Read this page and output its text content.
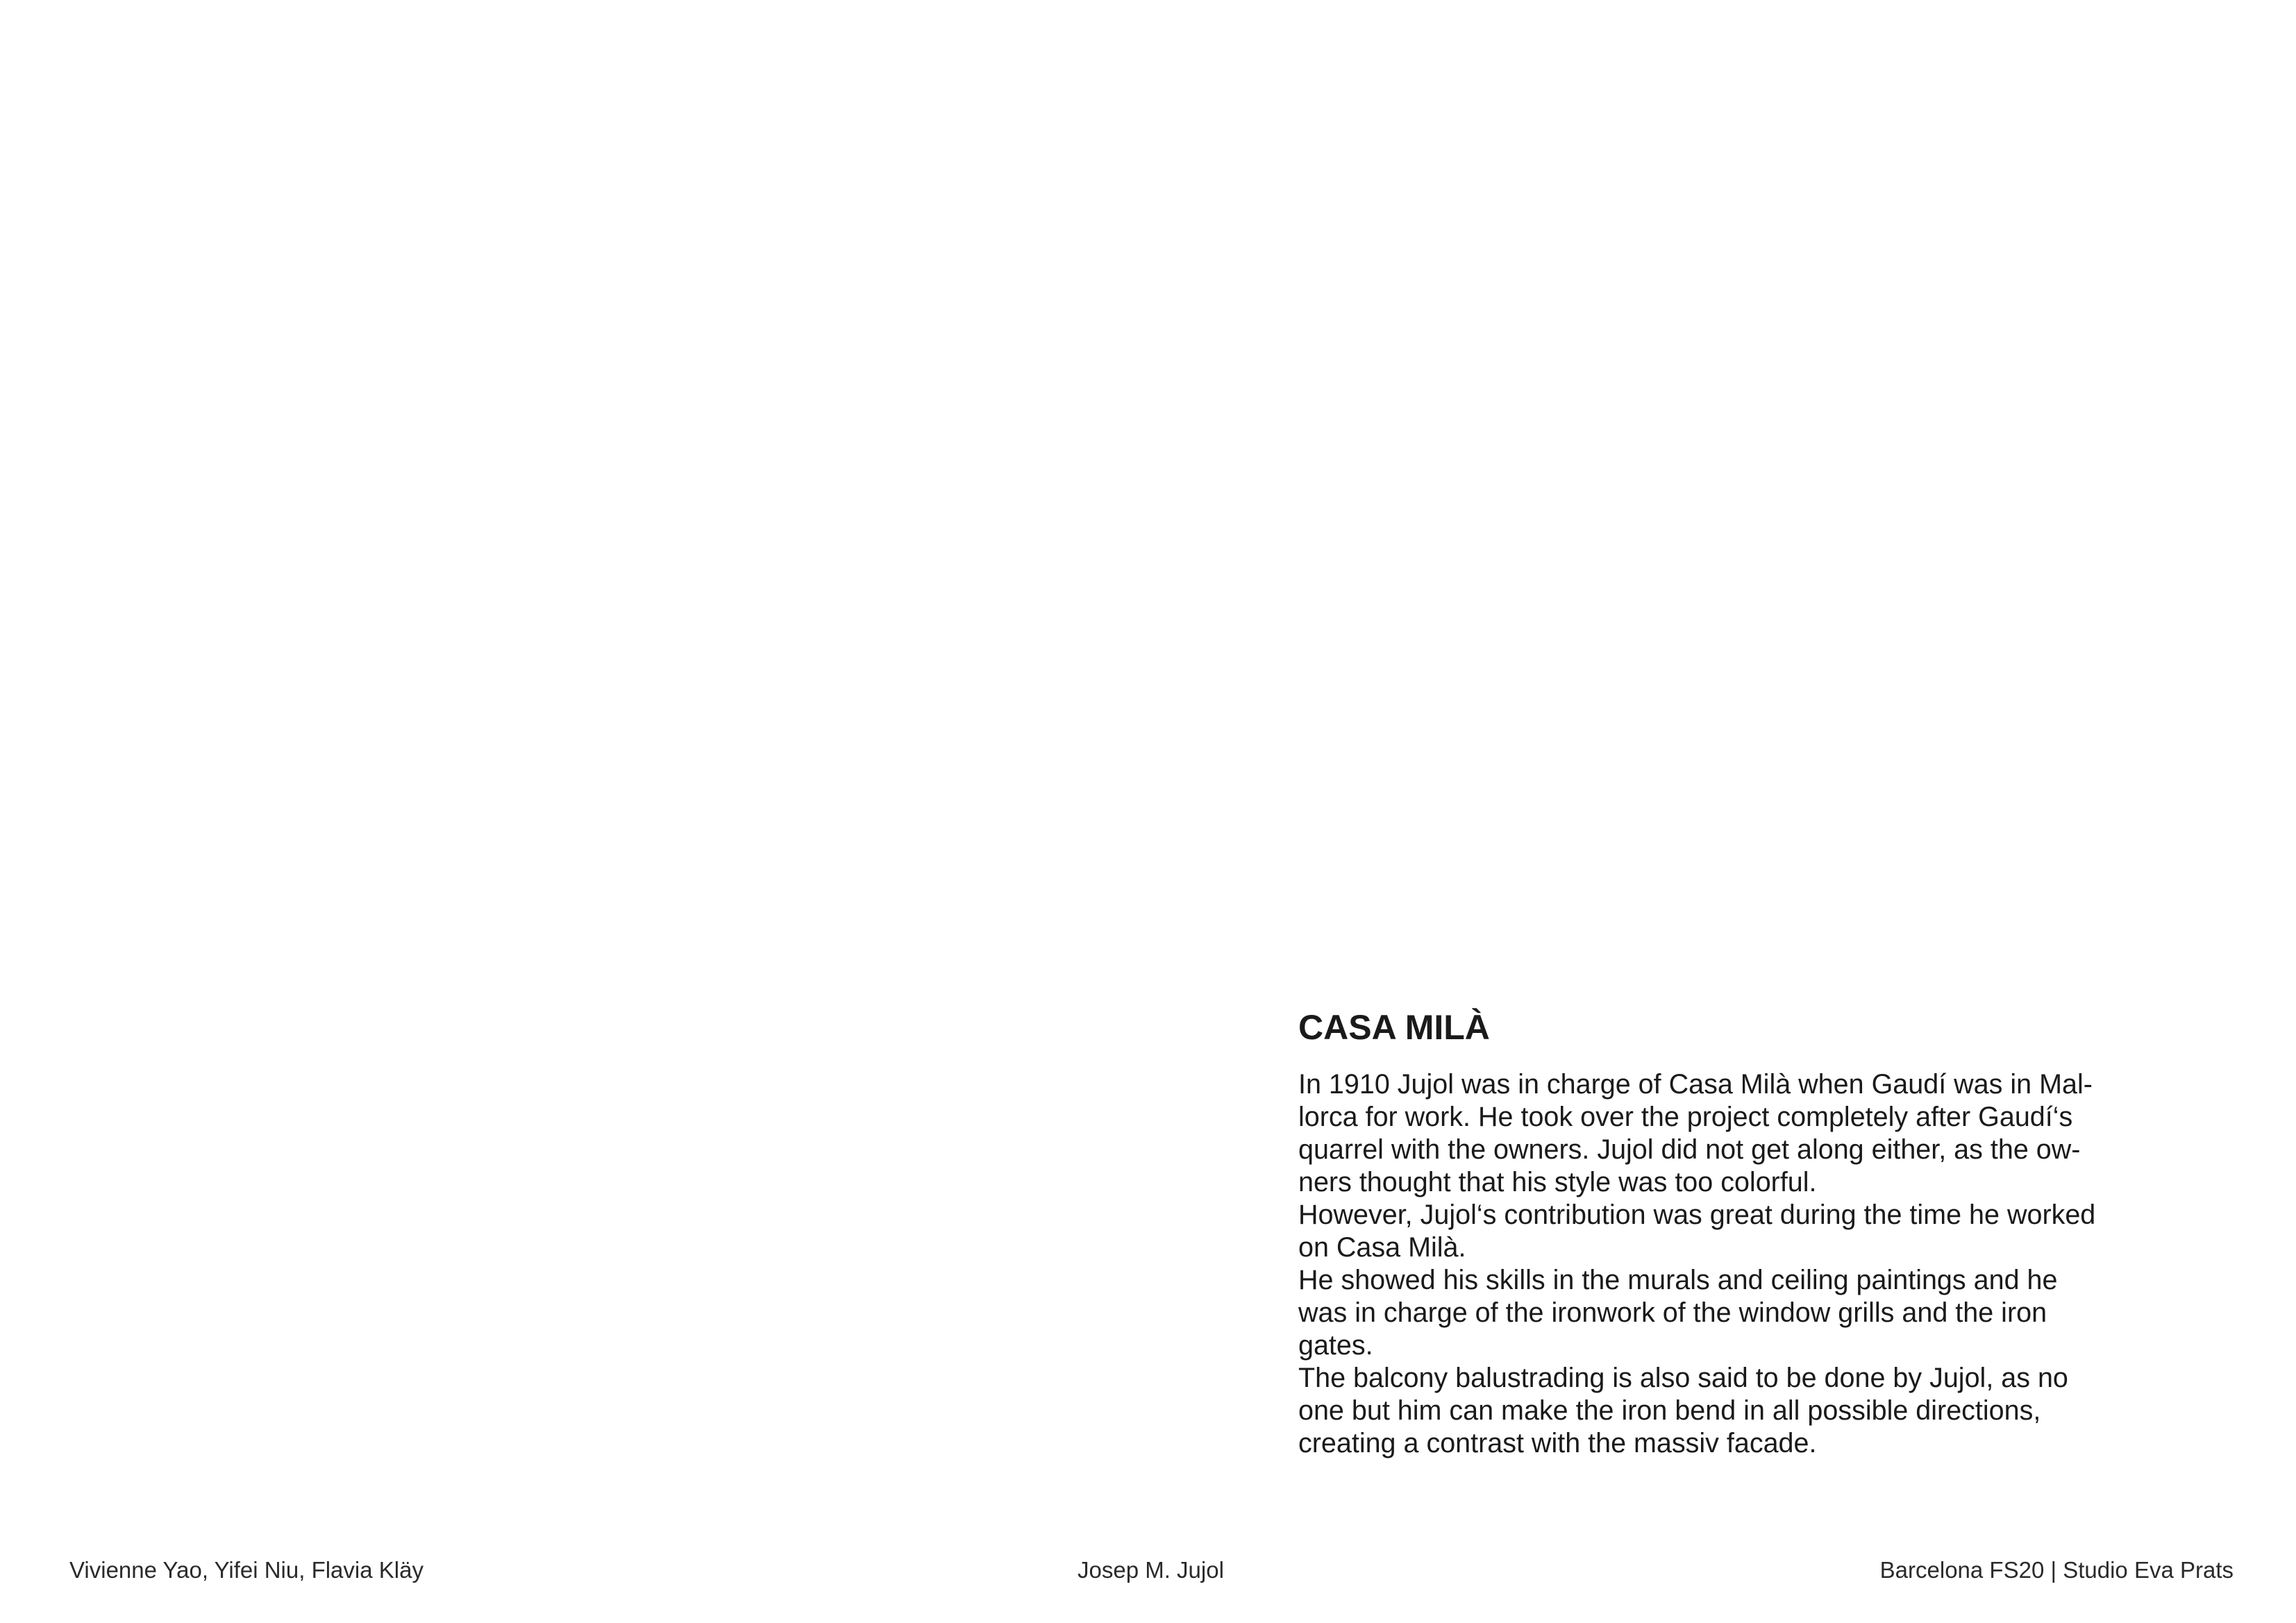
CASA MILÀ

In 1910 Jujol was in charge of Casa Milà when Gaudí was in Mal-
lorca for work. He took over the project completely after Gaudí‘s
quarrel with the owners. Jujol did not get along either, as the ow-
ners thought that his style was too colorful.
However, Jujol‘s contribution was great during the time he worked
on Casa Milà.
He showed his skills in the murals and ceiling paintings and he
was in charge of the ironwork of the window grills and the iron
gates.
The balcony balustrading is also said to be done by Jujol, as no
one but him can make the iron bend in all possible directions,
creating a contrast with the massiv facade.

Vivienne Yao, Yifei Niu, Flavia Kläy	Josep M. Jujol	Barcelona FS20 | Studio Eva Prats
